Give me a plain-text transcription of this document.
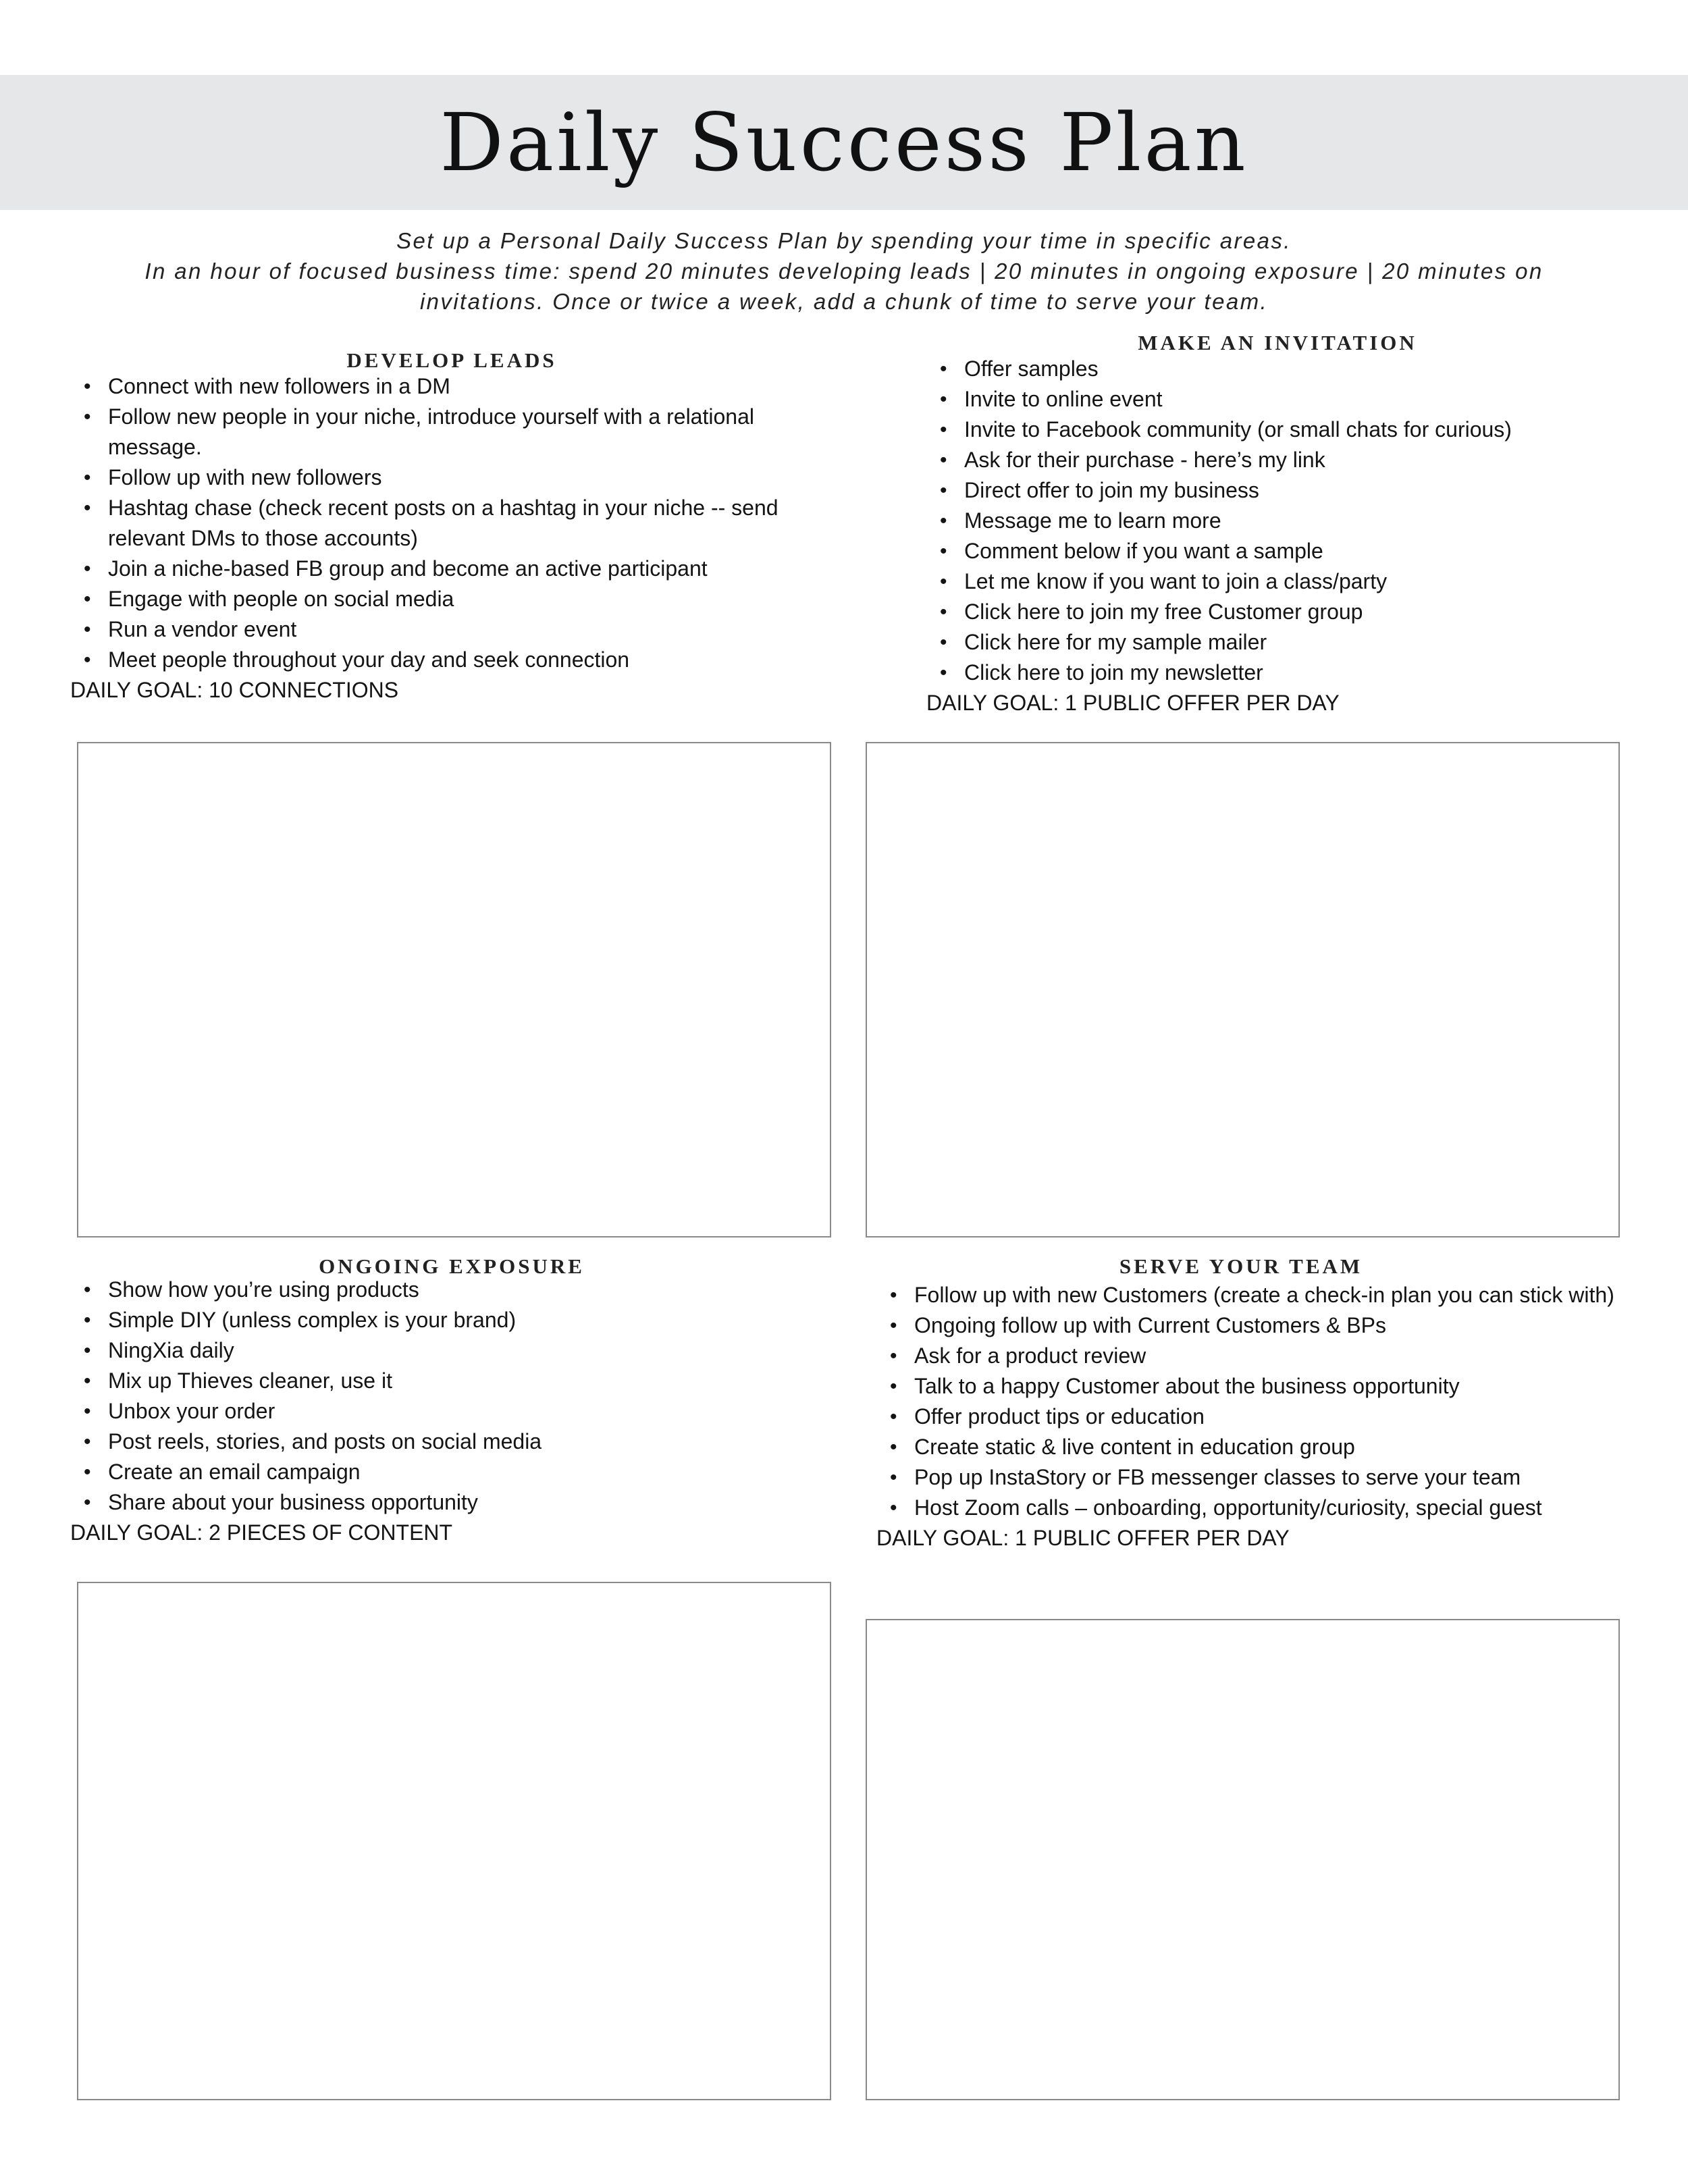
Daily Success Plan

Set up a Personal Daily Success Plan by spending your time in specific areas.

In an hour of focused business time: spend 20 minutes developing leads | 20 minutes in ongoing exposure | 20 minutes on invitations. Once or twice a week, add a chunk of time to serve your team.

DEVELOP LEADS
• Connect with new followers in a DM
• Follow new people in your niche, introduce yourself with a relational message.
• Follow up with new followers
• Hashtag chase (check recent posts on a hashtag in your niche -- send relevant DMs to those accounts)
• Join a niche-based FB group and become an active participant
• Engage with people on social media
• Run a vendor event
• Meet people throughout your day and seek connection
DAILY GOAL: 10 CONNECTIONS
MAKE AN INVITATION
• Offer samples
• Invite to online event
• Invite to Facebook community (or small chats for curious)
• Ask for their purchase - here’s my link
• Direct offer to join my business
• Message me to learn more
• Comment below if you want a sample
• Let me know if you want to join a class/party
• Click here to join my free Customer group
• Click here for my sample mailer
• Click here to join my newsletter
DAILY GOAL: 1 PUBLIC OFFER PER DAY
ONGOING EXPOSURE
• Show how you’re using products
• Simple DIY (unless complex is your brand)
• NingXia daily
• Mix up Thieves cleaner, use it
• Unbox your order
• Post reels, stories, and posts on social media
• Create an email campaign
• Share about your business opportunity
DAILY GOAL: 2 PIECES OF CONTENT
SERVE YOUR TEAM
• Follow up with new Customers (create a check-in plan you can stick with)
• Ongoing follow up with Current Customers & BPs
• Ask for a product review
• Talk to a happy Customer about the business opportunity
• Offer product tips or education
• Create static & live content in education group
• Pop up InstaStory or FB messenger classes to serve your team
• Host Zoom calls – onboarding, opportunity/curiosity, special guest
DAILY GOAL: 1 PUBLIC OFFER PER DAY
